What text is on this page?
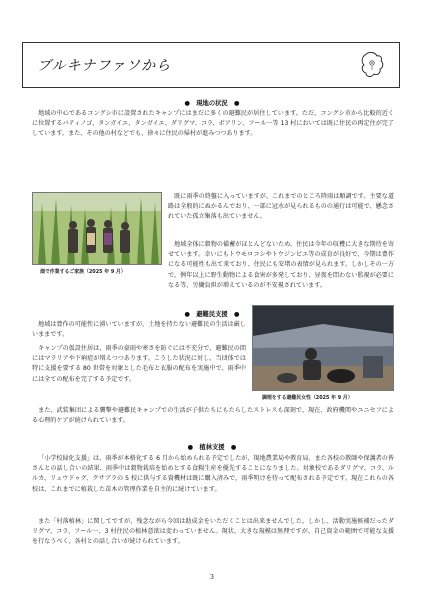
ブルキナファソから
●　現地の状況　●

地域の中心であるコングシ市に設置されたキャンプにはまだに多くの避難民が居住しています。ただ、コングシ市から比較的近くに位置するバティノゴ、タンガイエ、タンガイエ、ダリグマ、コラ、ボアリン、フール一等 13 村においては既に住民の再定住が完了しています。また、その他の村などでも、徐々に住民の帰村が進みつつあります。

畑で作業するご家族（2025 年 9 月）

既に雨季の終盤に入っていますが、これまでのところ降雨は順調です。主要な道路は全般的にぬかるんでおり、一部に冠水が見られるものの通行は可能で、懸念されていた孤立集落も出ていません。

地域全体に穀物の備蓄がほとんどないため、住民は今年の収穫に大きな期待を寄せています。幸いにもトウモロコシやトウジンビエ等の成育が良好で、今期は豊作になる可能性も出て来ており、住民にも安堵の表情が見られます。しかしその一方で、例年以上に野生動物による食害が多発しており、昼夜を問わない監視が必要になる等、労働負担が増えているのが不安視されています。

●　避難民支援　●

地域は豊作の可能性に湧いていますが、土地を持たない避難民の生活は厳しいままです。

キャンプの仮設住居は、雨季の豪雨や寒さを防ぐには不充分で、避難民の間にはマラリアや下痢症が増えつつあります。こうした状況に対し、当団体では特に支援を要する 80 世帯を対象とした毛布と衣服の配布を実施中で、雨季中には全ての配布を完了する予定です。

調理をする避難民女性（2025 年 9 月）

また、武装集団による襲撃や避難民キャンプでの生活が子供たちにもたらしたストレスも深刻で、現在、政府機関やユニセフによる心理的ケアが続けられています。

●　植林支援　●

「小学校緑化支援」は、雨季が本格化する 6 月から始められる予定でしたが、現地農業局や教育局、また各校の教師や保護者の皆さんとの話し合いの結果、雨季中は穀物栽培を始めとする食糧生産を優先することになりました。対象校であるダリグマ、コラ、ルルカ、リュウドゥグ、クサブラの 5 校に供与する資機材は既に購入済みで、雨季明けを待って配布される予定です。現在これらの各校は、これまでに植栽した苗木の管理作業を自主的に続けています。

また「村落植林」に関してですが、残念ながら今回は助成金をいただくことは出来ませんでした。しかし、活動実施候補だったダリグマ、コラ、フール一、3 村住民の植林意欲は変わっていません。現状、大きな規模は無理ですが、自己資金の範囲で可能な支援を行なうべく、各村との話し合いが続けられています。

3
